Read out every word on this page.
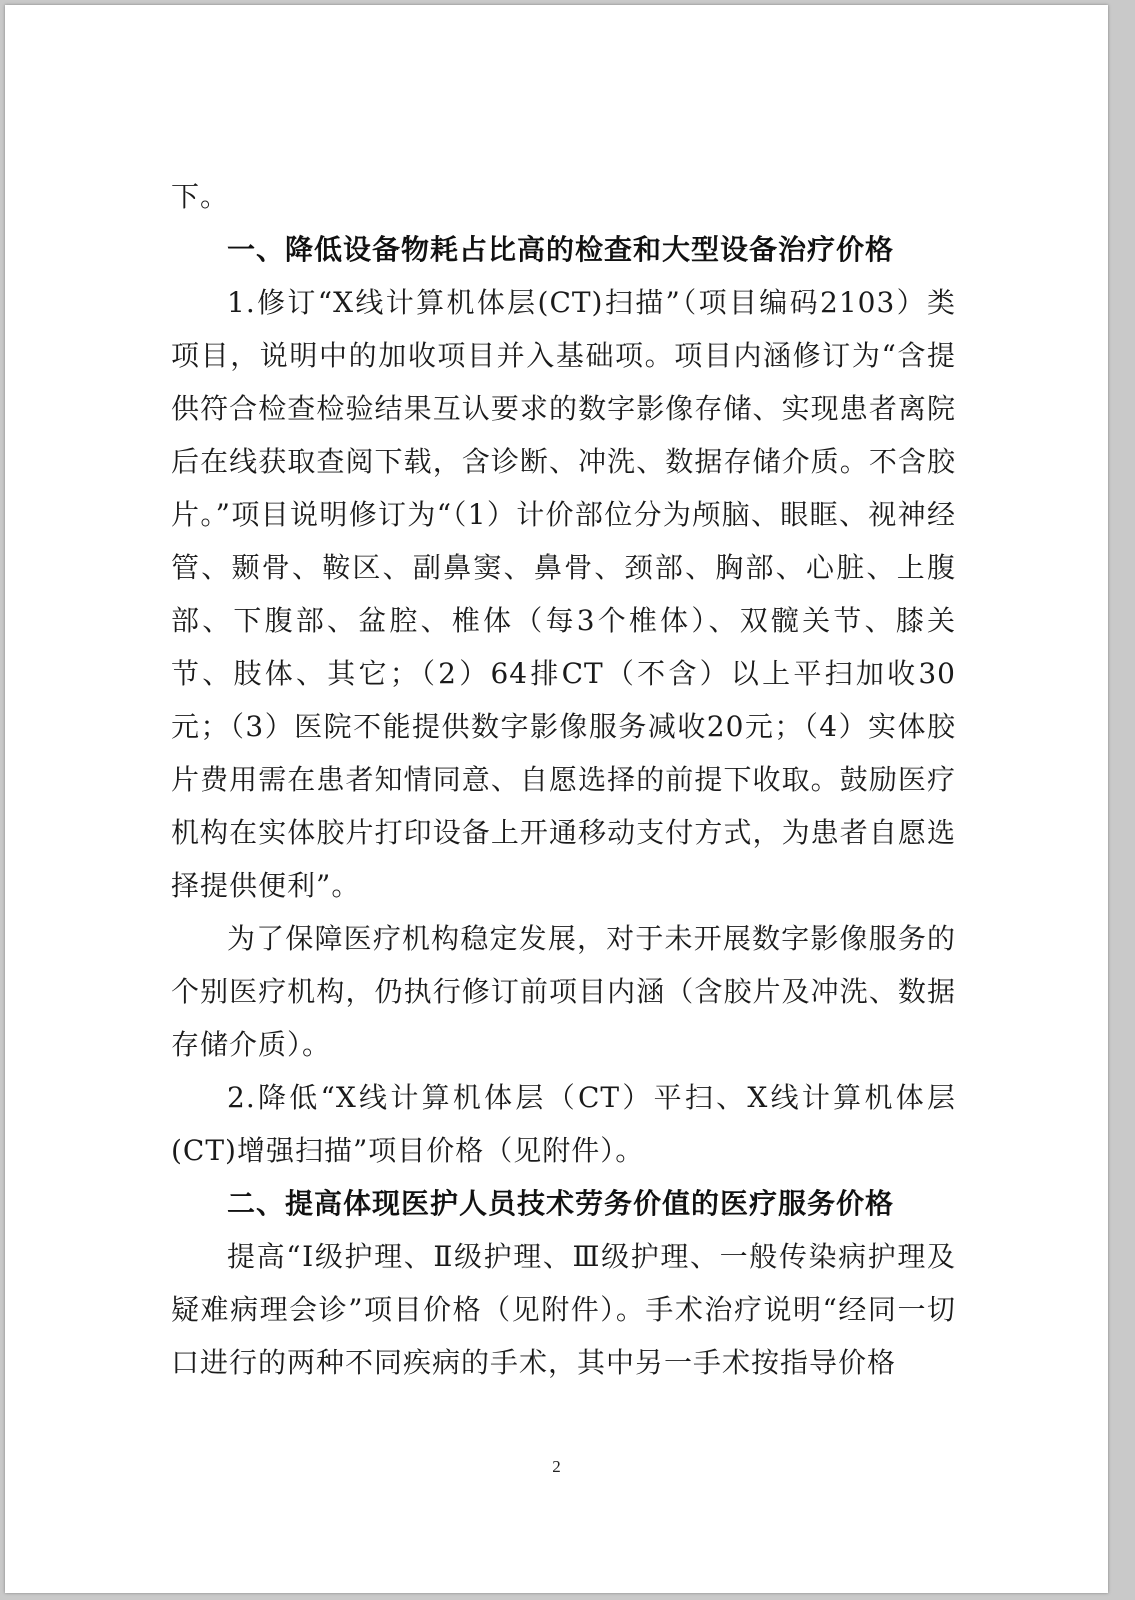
下。

一、降低设备物耗占比高的检查和大型设备治疗价格

1.修订“X线计算机体层(CT)扫描”（项目编码2103）类项目，说明中的加收项目并入基础项。项目内涵修订为“含提供符合检查检验结果互认要求的数字影像存储、实现患者离院后在线获取查阅下载，含诊断、冲洗、数据存储介质。不含胶片。”项目说明修订为“（1）计价部位分为颅脑、眼眶、视神经管、颞骨、鞍区、副鼻窦、鼻骨、颈部、胸部、心脏、上腹部、下腹部、盆腔、椎体（每3个椎体）、双髋关节、膝关节、肢体、其它；（2）64排CT（不含）以上平扫加收30元；（3）医院不能提供数字影像服务减收20元；（4）实体胶片费用需在患者知情同意、自愿选择的前提下收取。鼓励医疗机构在实体胶片打印设备上开通移动支付方式，为患者自愿选择提供便利”。

为了保障医疗机构稳定发展，对于未开展数字影像服务的个别医疗机构，仍执行修订前项目内涵（含胶片及冲洗、数据存储介质）。

2.降低“X线计算机体层（CT）平扫、X线计算机体层(CT)增强扫描”项目价格（见附件）。

二、提高体现医护人员技术劳务价值的医疗服务价格

提高“Ⅰ级护理、Ⅱ级护理、Ⅲ级护理、一般传染病护理及疑难病理会诊”项目价格（见附件）。手术治疗说明“经同一切口进行的两种不同疾病的手术，其中另一手术按指导价格

2
